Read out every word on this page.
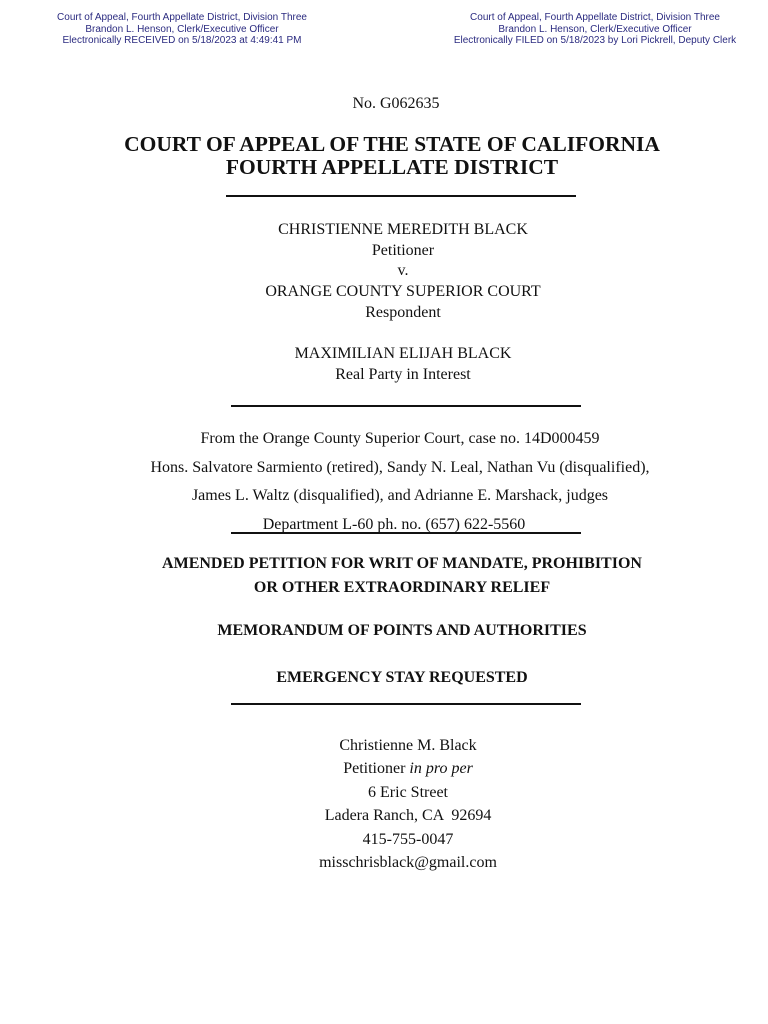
Court of Appeal, Fourth Appellate District, Division Three
Brandon L. Henson, Clerk/Executive Officer
Electronically RECEIVED on 5/18/2023 at 4:49:41 PM
Court of Appeal, Fourth Appellate District, Division Three
Brandon L. Henson, Clerk/Executive Officer
Electronically FILED on 5/18/2023 by Lori Pickrell, Deputy Clerk
No. G062635
COURT OF APPEAL OF THE STATE OF CALIFORNIA
FOURTH APPELLATE DISTRICT
CHRISTIENNE MEREDITH BLACK
Petitioner
v.
ORANGE COUNTY SUPERIOR COURT
Respondent
MAXIMILIAN ELIJAH BLACK
Real Party in Interest
From the Orange County Superior Court, case no. 14D000459
Hons. Salvatore Sarmiento (retired), Sandy N. Leal, Nathan Vu (disqualified),
James L. Waltz (disqualified), and Adrianne E. Marshack, judges
Department L-60 ph. no. (657) 622-5560
AMENDED PETITION FOR WRIT OF MANDATE, PROHIBITION
OR OTHER EXTRAORDINARY RELIEF
MEMORANDUM OF POINTS AND AUTHORITIES
EMERGENCY STAY REQUESTED
Christienne M. Black
Petitioner in pro per
6 Eric Street
Ladera Ranch, CA  92694
415-755-0047
misschrisblack@gmail.com
